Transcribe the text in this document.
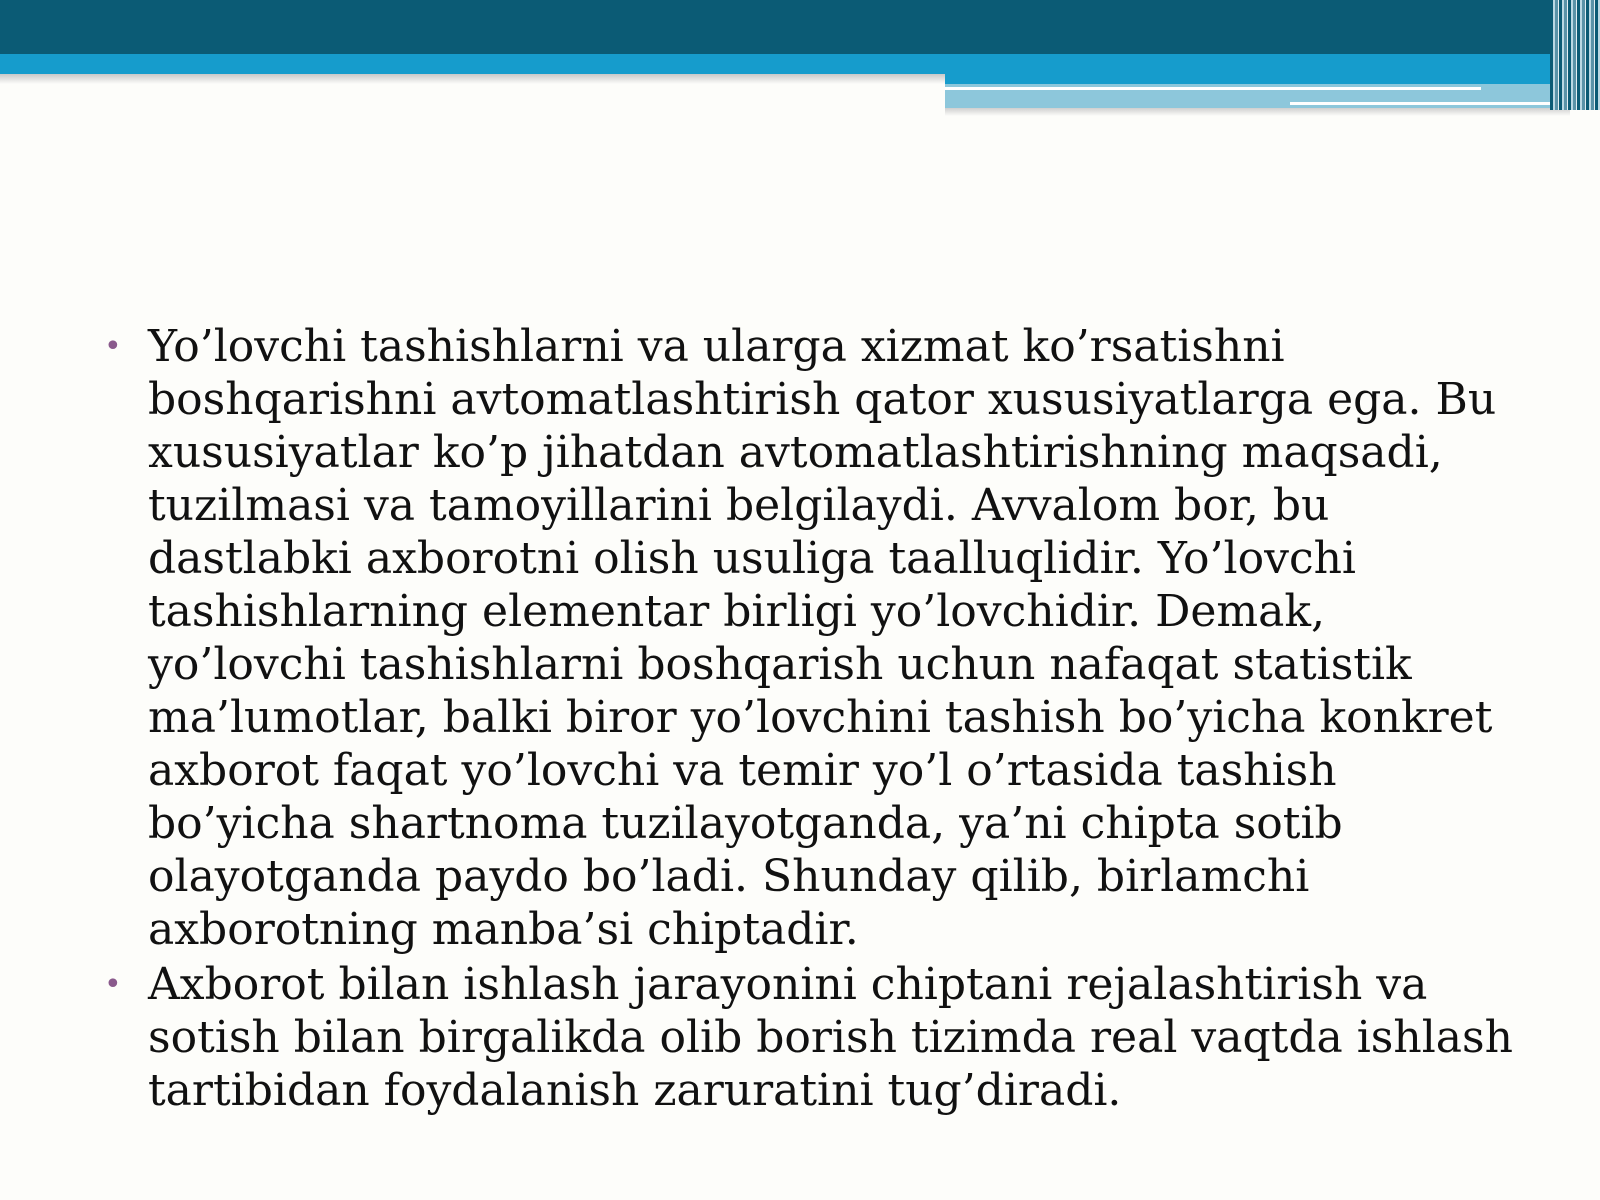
• Yo’lovchi tashishlarni va ularga xizmat ko’rsatishni boshqarishni avtomatlashtirish qator xususiyatlarga ega. Bu xususiyatlar ko’p jihatdan avtomatlashtirishning maqsadi, tuzilmasi va tamoyillarini belgilaydi. Avvalom bor, bu dastlabki axborotni olish usuliga taalluqlidir. Yo’lovchi tashishlarning elementar birligi yo’lovchidir. Demak, yo’lovchi tashishlarni boshqarish uchun nafaqat statistik ma’lumotlar, balki biror yo’lovchini tashish bo’yicha konkret axborot faqat yo’lovchi va temir yo’l o’rtasida tashish bo’yicha shartnoma tuzilayotganda, ya’ni chipta sotib olayotganda paydo bo’ladi. Shunday qilib, birlamchi axborotning manba’si chiptadir.
• Axborot bilan ishlash jarayonini chiptani rejalashtirish va sotish bilan birgalikda olib borish tizimda real vaqtda ishlash tartibidan foydalanish zaruratini tug’diradi.
